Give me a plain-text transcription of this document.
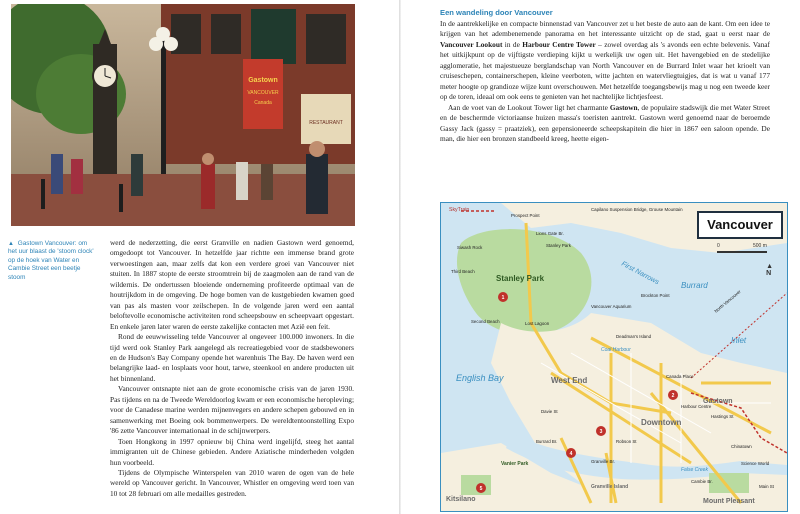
Gastown
VANCOUVER
Canada
RESTAURANT
▲ Gastown Vancouver: om het uur blaast de 'stoom clock' op de hoek van Water en Cambie Street een beetje stoom

werd de nederzetting, die eerst Granville en nadien Gastown werd genoemd, omgedoopt tot Vancouver. In hetzelfde jaar richtte een immense brand grote verwoestingen aan, maar zelfs dat kon een verdere groei van Vancouver niet stuiten. In 1887 stopte de eerste stroomtrein bij de zaagmolen aan de rand van de wildernis. De ondertussen bloeiende onderneming profiteerde optimaal van de houtrijkdom in de omgeving. De hoge bomen van de kustgebieden kwamen goed van pas als masten voor zeilschepen. In de volgende jaren werd een aantal beloftevolle economische activiteiten rond scheepsbouw en scheepvaart opgestart. En enkele jaren later waren de eerste zakelijke contacten met Azië een feit.

Rond de eeuwwisseling telde Vancouver al ongeveer 100.000 inwoners. In die tijd werd ook Stanley Park aangelegd als recreatiegebied voor de stadsbewoners en de Hudson's Bay Company opende het warenhuis The Bay. De haven werd een belangrijke laad- en losplaats voor hout, tarwe, steenkool en andere producten uit het binnenland.

Vancouver ontsnapte niet aan de grote economische crisis van de jaren 1930. Pas tijdens en na de Tweede Wereldoorlog kwam er een economische heropleving; voor de Canadese marine werden mijnenvegers en andere schepen gebouwd en in samenwerking met Boeing ook bommenwerpers. De wereldtentoonstelling Expo '86 zette Vancouver internationaal in de schijnwerpers.

Toen Hongkong in 1997 opnieuw bij China werd ingelijfd, steeg het aantal immigranten uit de Chinese gebieden. Andere Aziatische minderheden volgden hun voorbeeld.

Tijdens de Olympische Winterspelen van 2010 waren de ogen van de hele wereld op Vancouver gericht. In Vancouver, Whistler en omgeving werd toen van 10 tot 28 februari om alle medailles gestreden.

Een wandeling door Vancouver

In de aantrekkelijke en compacte binnenstad van Vancouver zet u het beste de auto aan de kant. Om een idee te krijgen van het adembenemende panorama en het interessante uitzicht op de stad, gaat u eerst naar de Vancouver Lookout in de Harbour Centre Tower – zowel overdag als 's avonds een echte belevenis. Vanaf het uitkijkpunt op de vijftigste verdieping kijkt u werkelijk uw ogen uit. Het havengebied en de stedelijke agglomeratie, het majestueuze berglandschap van North Vancouver en de Burrard Inlet waar het krioelt van cruiseschepen, containerschepen, kleine veerboten, witte jachten en watervliegtuigjes, dat is wat u vanaf 177 meter hoogte op grandioze wijze kunt overschouwen. Met hetzelfde toegangsbewijs mag u nog een tweede keer op de toren, ideaal om ook eens te genieten van het nachtelijke lichtjesfeest.

Aan de voet van de Lookout Tower ligt het charmante Gastown, de populaire stadswijk die met Water Street en de beschermde victoriaanse huizen massa's toeristen aantrekt. Gastown werd genoemd naar de beroemde Gassy Jack (gassy = praatziek), een gepensioneerde scheepskapitein die hier in 1867 een saloon opende. De man, die hier een bronzen standbeeld kreeg, heette eigen-

1
2
3
4
5
First Narrows	Burrard
Inlet
English Bay
Coal Harbour
False Creek
Stanley Park
West End
Downtown
Kitsilano
Gastown
Granville Island
Vanier Park
Mount Pleasant
Prospect Point
Siwash Rock
Third Beach
Second Beach	Lost Lagoon
Brockton Point
Vancouver Aquarium
Deadman's Island
Canada Place
Harbour Centre
Stanley Park
Science World
Chinatown
Main St
Hastings St
Robson St
Davie St
Burrard Br.
Granville Br.
Cambie Br.
Lions Gate Br.
Capilano Suspension Bridge, Grouse Mountain
North Vancouver
SkyTrain
Vancouver
0	500 m
▲
N
